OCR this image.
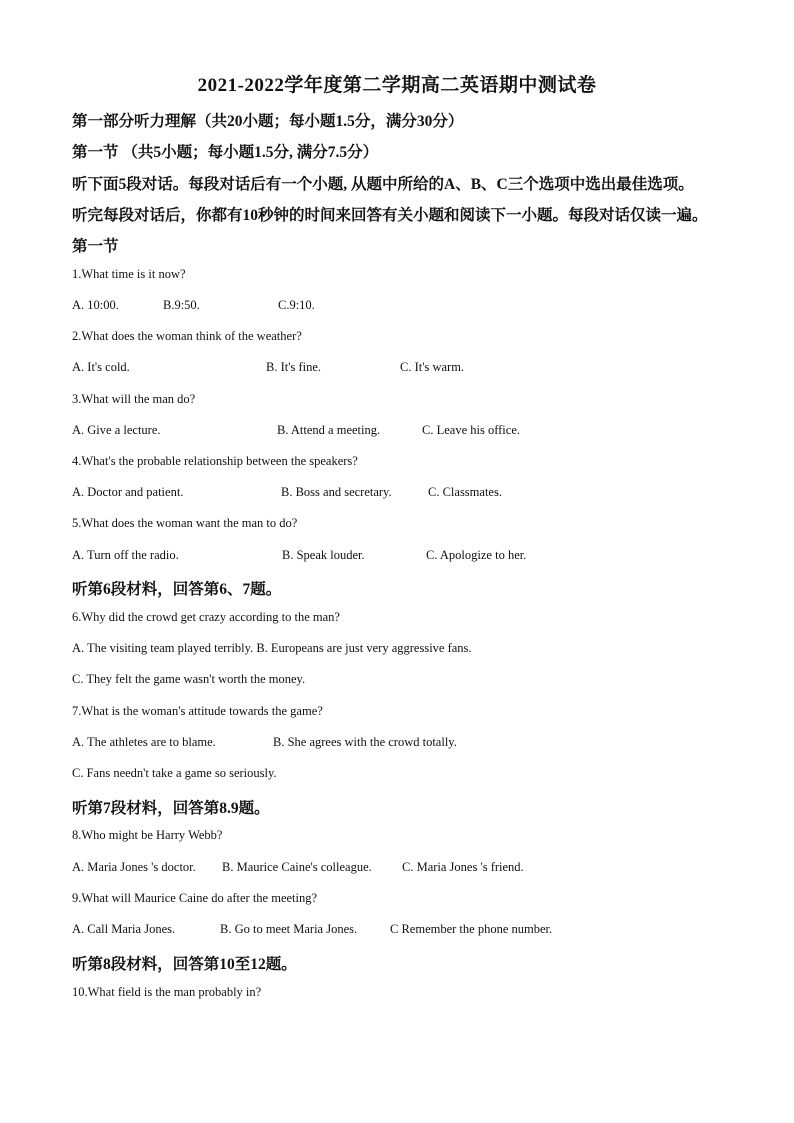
2021-2022学年度第二学期高二英语期中测试卷
第一部分听力理解（共20小题；每小题1.5分，满分30分）
第一节 （共5小题；每小题1.5分, 满分7.5分）
听下面5段对话。每段对话后有一个小题, 从题中所给的A、B、C三个选项中选出最佳选项。
听完每段对话后，你都有10秒钟的时间来回答有关小题和阅读下一小题。每段对话仅读一遍。
第一节
1.What time is it now?
A. 10:00.	B.9:50.	C.9:10.
2.What does the woman think of the weather?
A. It's cold.	B. It's fine.	C. It's warm.
3.What will the man do?
A. Give a lecture.	B. Attend a meeting.	C. Leave his office.
4.What's the probable relationship between the speakers?
A. Doctor and patient.	B. Boss and secretary.	C. Classmates.
5.What does the woman want the man to do?
A. Turn off the radio.	B. Speak louder.	C. Apologize to her.
听第6段材料，回答第6、7题。
6.Why did the crowd get crazy according to the man?
A. The visiting team played terribly. B. Europeans are just very aggressive fans.
C. They felt the game wasn't worth the money.
7.What is the woman's attitude towards the game?
A. The athletes are to blame.	B. She agrees with the crowd totally.
C. Fans needn't take a game so seriously.
听第7段材料，回答第8.9题。
8.Who might be Harry Webb?
A. Maria Jones 's doctor. B. Maurice Caine's colleague. C. Maria Jones 's friend.
9.What will Maurice Caine do after the meeting?
A. Call Maria Jones.	B. Go to meet Maria Jones.	C Remember the phone number.
听第8段材料，回答第10至12题。
10.What field is the man probably in?
